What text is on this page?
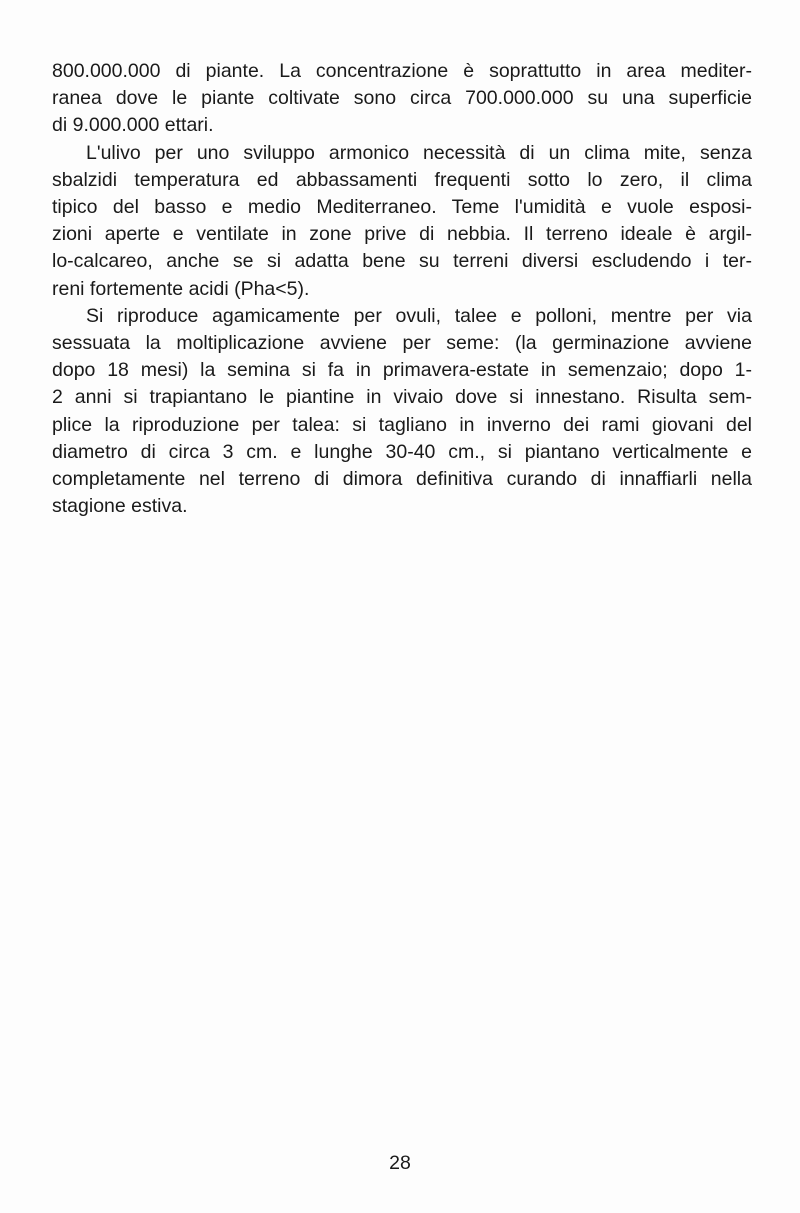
800.000.000 di piante. La concentrazione è soprattutto in area mediter-
ranea dove le piante coltivate sono circa 700.000.000 su una superficie
di 9.000.000 ettari.

L'ulivo per uno sviluppo armonico necessità di un clima mite, senza
sbalzidi temperatura ed abbassamenti frequenti sotto lo zero, il clima
tipico del basso e medio Mediterraneo. Teme l'umidità e vuole esposi-
zioni aperte e ventilate in zone prive di nebbia. Il terreno ideale è argil-
lo-calcareo, anche se si adatta bene su terreni diversi escludendo i ter-
reni fortemente acidi (Pha<5).

Si riproduce agamicamente per ovuli, talee e polloni, mentre per via
sessuata la moltiplicazione avviene per seme: (la germinazione avviene
dopo 18 mesi) la semina si fa in primavera-estate in semenzaio; dopo 1-
2 anni si trapiantano le piantine in vivaio dove si innestano. Risulta sem-
plice la riproduzione per talea: si tagliano in inverno dei rami giovani del
diametro di circa 3 cm. e lunghe 30-40 cm., si piantano verticalmente e
completamente nel terreno di dimora definitiva curando di innaffiarli nella
stagione estiva.

28
